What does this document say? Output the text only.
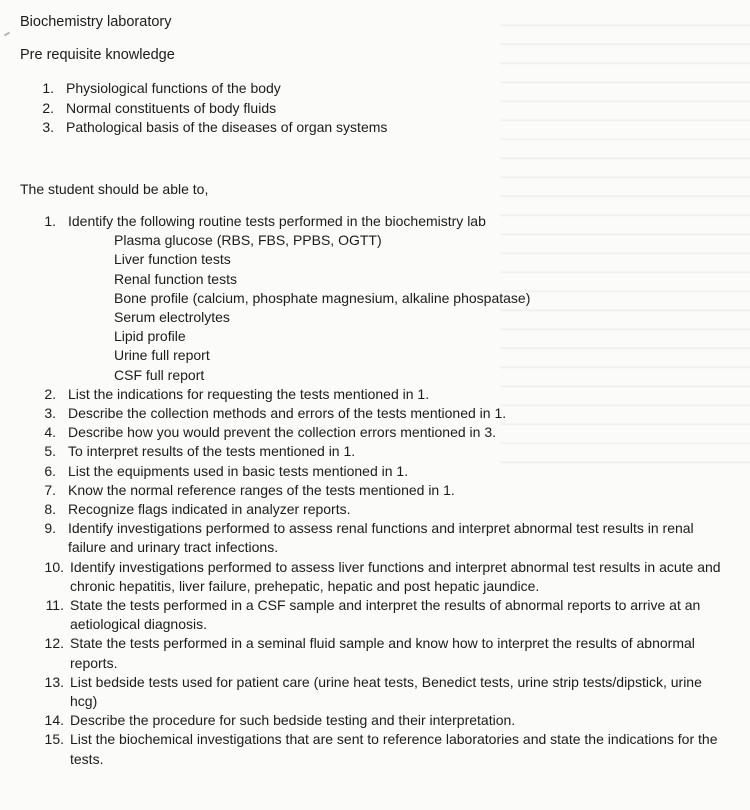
Biochemistry laboratory
Pre requisite knowledge
1. Physiological functions of the body
2. Normal constituents of body fluids
3. Pathological basis of the diseases of organ systems

The student should be able to,

1. Identify the following routine tests performed in the biochemistry lab
Plasma glucose (RBS, FBS, PPBS, OGTT)
Liver function tests
Renal function tests
Bone profile (calcium, phosphate magnesium, alkaline phospatase)
Serum electrolytes
Lipid profile
Urine full report
CSF full report
2. List the indications for requesting the tests mentioned in 1.
3. Describe the collection methods and errors of the tests mentioned in 1.
4. Describe how you would prevent the collection errors mentioned in 3.
5. To interpret results of the tests mentioned in 1.
6. List the equipments used in basic tests mentioned in 1.
7. Know the normal reference ranges of the tests mentioned in 1.
8. Recognize flags indicated in analyzer reports.
9. Identify investigations performed to assess renal functions and interpret abnormal test results in renal failure and urinary tract infections.
10. Identify investigations performed to assess liver functions and interpret abnormal test results in acute and chronic hepatitis, liver failure, prehepatic, hepatic and post hepatic jaundice.
11. State the tests performed in a CSF sample and interpret the results of abnormal reports to arrive at an aetiological diagnosis.
12. State the tests performed in a seminal fluid sample and know how to interpret the results of abnormal reports.
13. List bedside tests used for patient care (urine heat tests, Benedict tests, urine strip tests/dipstick, urine hcg)
14. Describe the procedure for such bedside testing and their interpretation.
15. List the biochemical investigations that are sent to reference laboratories and state the indications for the tests.
